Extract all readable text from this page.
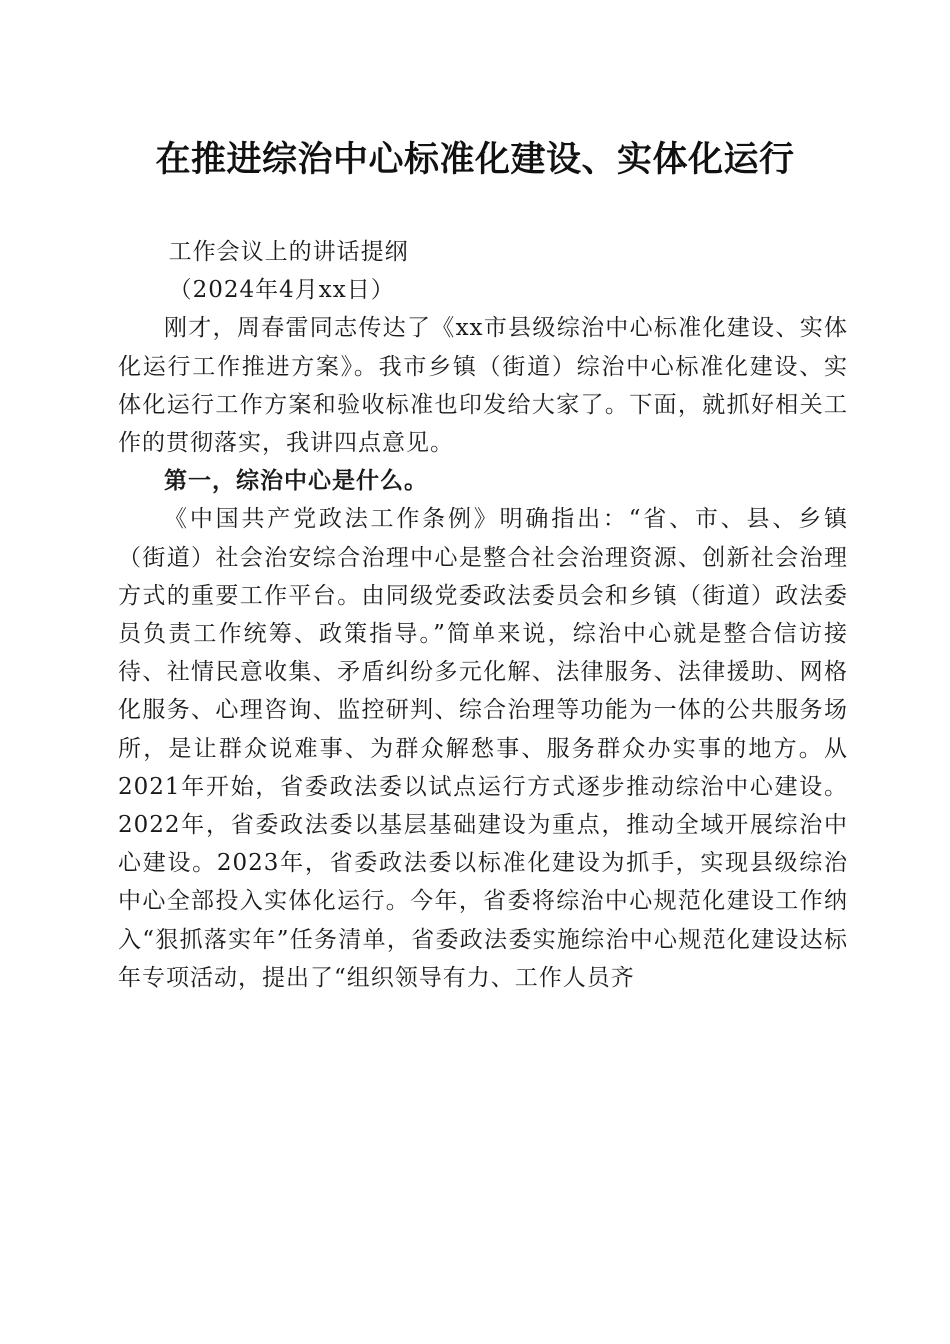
在推进综治中心标准化建设、实体化运行

工作会议上的讲话提纲

（2024年4月xx日）

刚才，周春雷同志传达了《xx市县级综治中心标准化建设、实体化运行工作推进方案》。我市乡镇（街道）综治中心标准化建设、实体化运行工作方案和验收标准也印发给大家了。下面，就抓好相关工作的贯彻落实，我讲四点意见。

第一，综治中心是什么。

《中国共产党政法工作条例》明确指出：“省、市、县、乡镇（街道）社会治安综合治理中心是整合社会治理资源、创新社会治理方式的重要工作平台。由同级党委政法委员会和乡镇（街道）政法委员负责工作统筹、政策指导。”简单来说，综治中心就是整合信访接待、社情民意收集、矛盾纠纷多元化解、法律服务、法律援助、网格化服务、心理咨询、监控研判、综合治理等功能为一体的公共服务场所，是让群众说难事、为群众解愁事、服务群众办实事的地方。从2021年开始，省委政法委以试点运行方式逐步推动综治中心建设。2022年，省委政法委以基层基础建设为重点，推动全域开展综治中心建设。2023年，省委政法委以标准化建设为抓手，实现县级综治中心全部投入实体化运行。今年，省委将综治中心规范化建设工作纳入“狠抓落实年”任务清单，省委政法委实施综治中心规范化建设达标年专项活动，提出了“组织领导有力、工作人员齐
